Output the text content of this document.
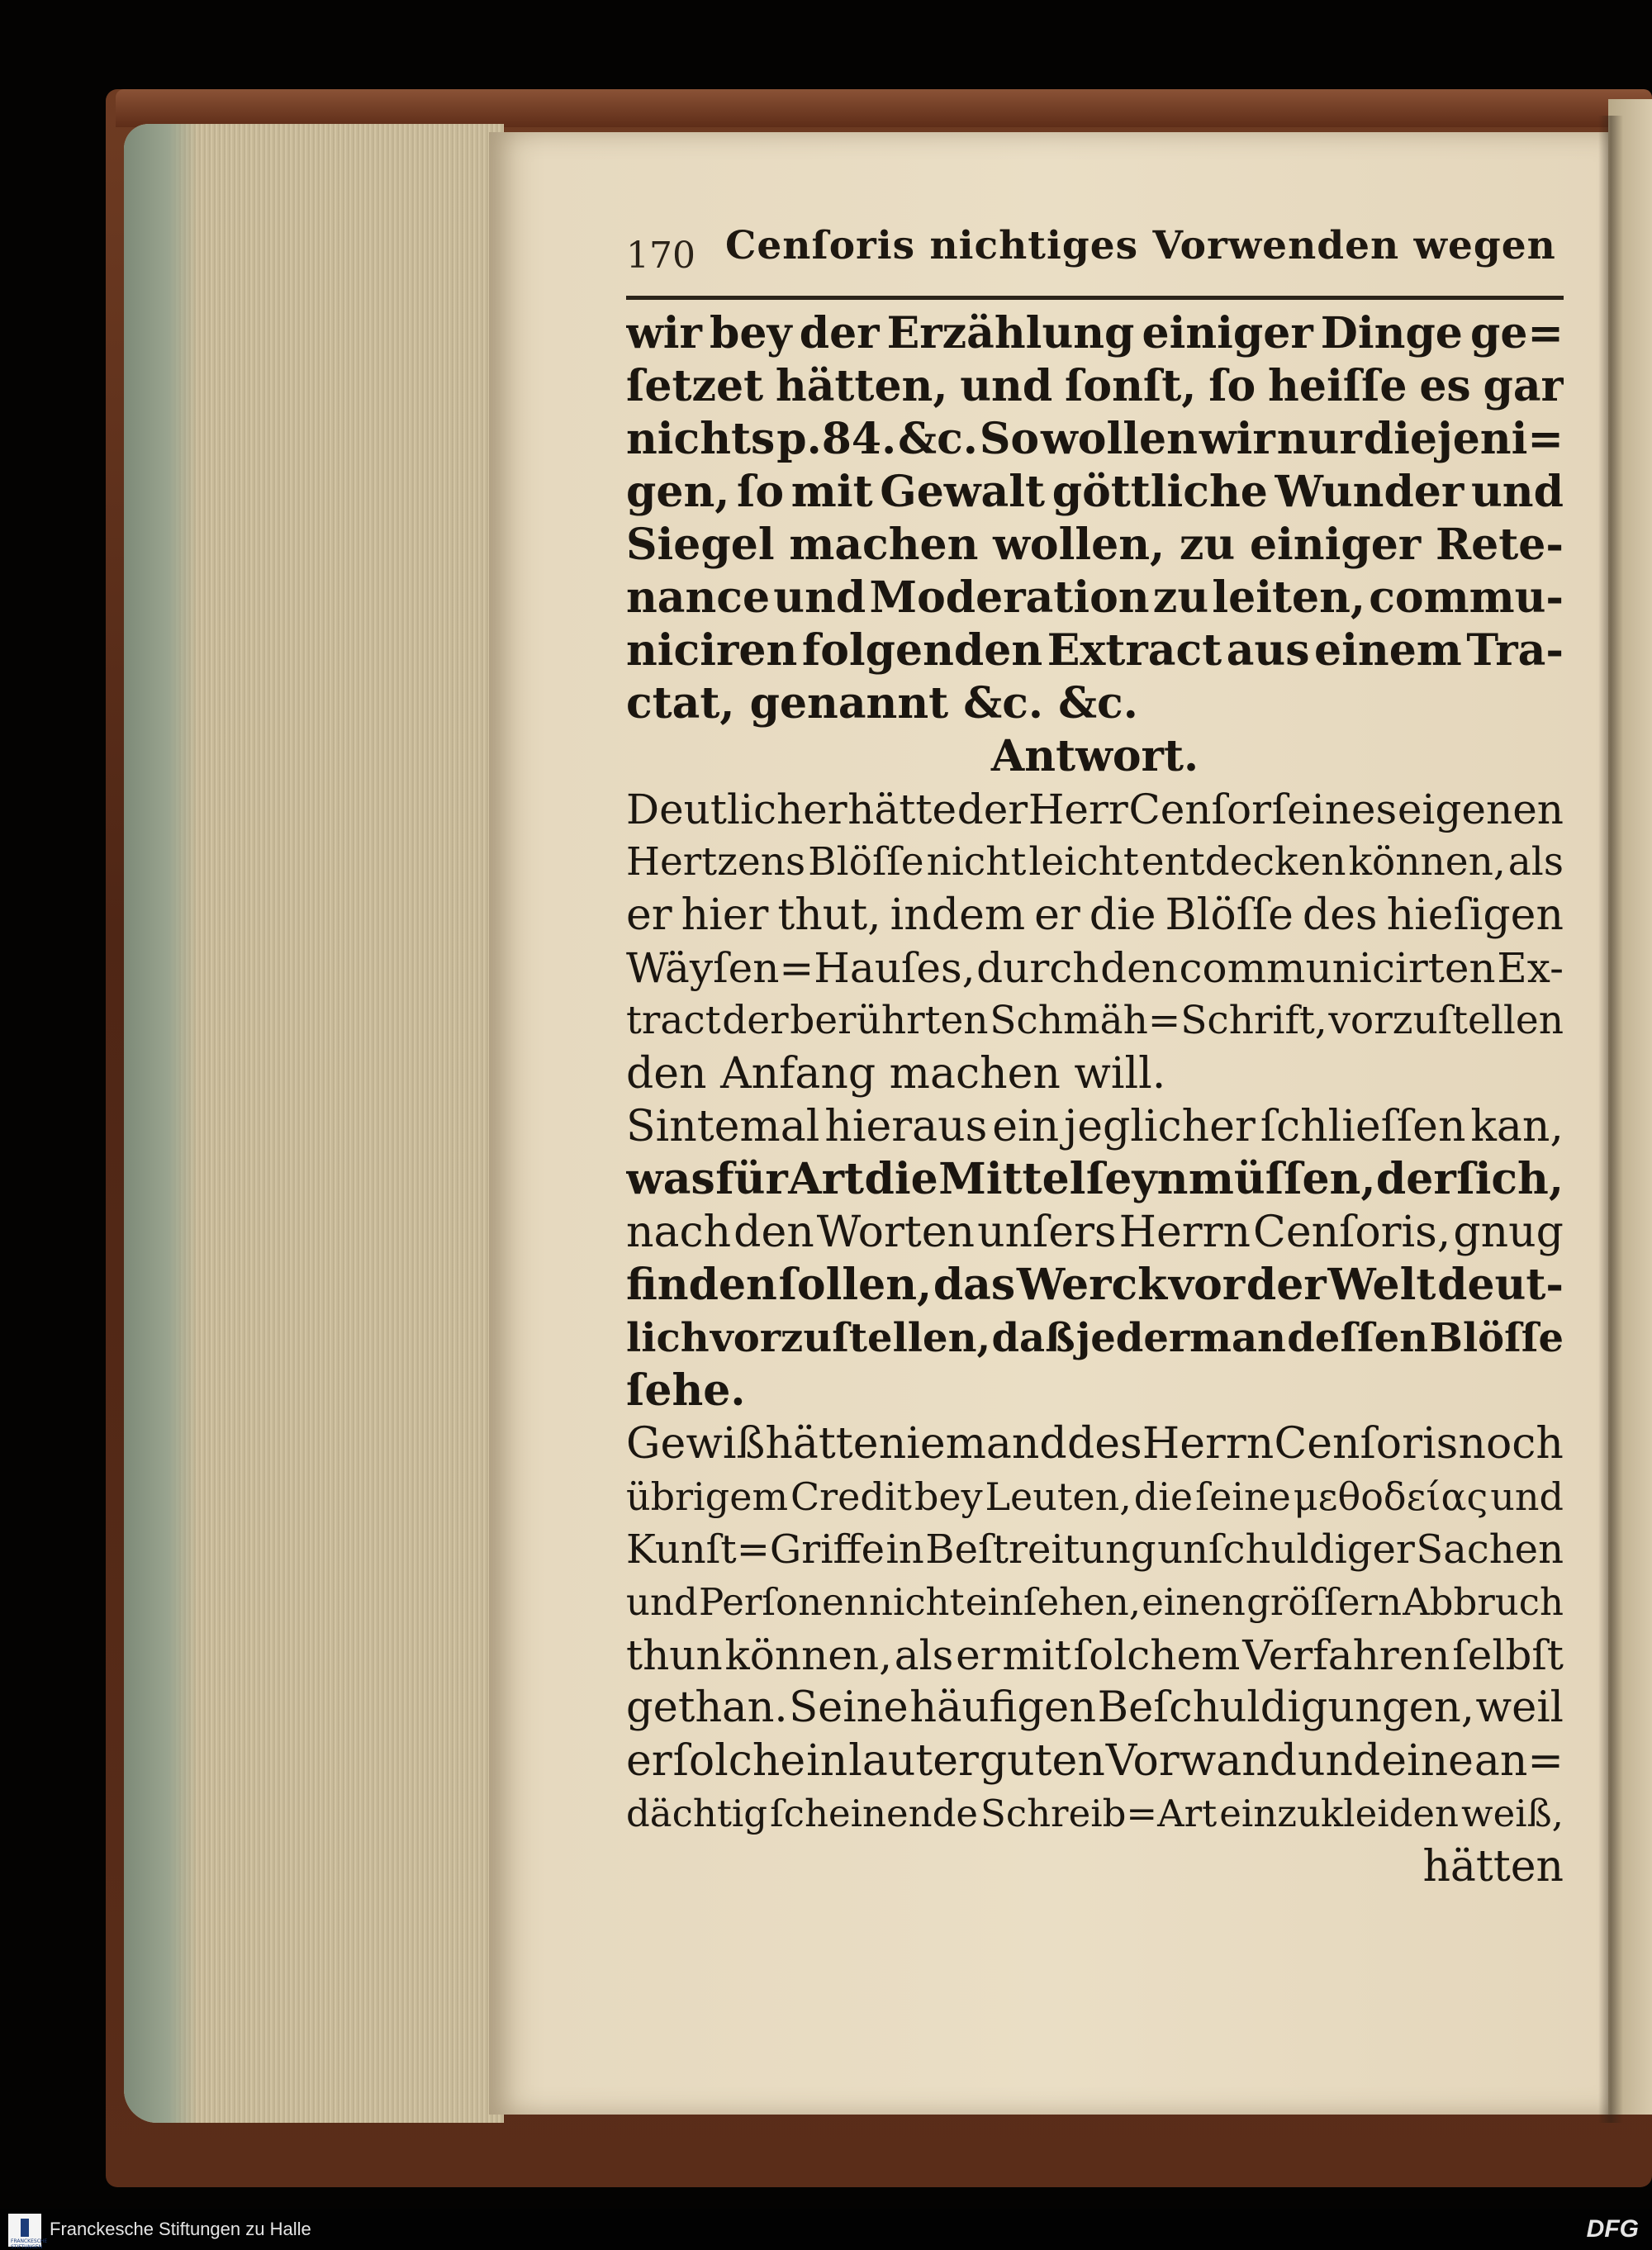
170 Cenſoris nichtiges Vorwenden wegen
wir bey der Erzählung einiger Dinge ge=
ſetzet hätten, und ſonſt, ſo heiſſe es gar
nichts p.84. &c. So wollen wir nur diejeni=
gen, ſo mit Gewalt göttliche Wunder und
Siegel machen wollen, zu einiger Rete-
nance und Moderation zu leiten, commu-
niciren folgenden Extract aus einem Tra-
ctat, genannt &c. &c.
Antwort.
Deutlicher hätte der Herr Cenſor ſeines eigenen
Hertzens Blöſſe nicht leicht entdecken können, als
er hier thut, indem er die Blöſſe des hieſigen
Wäyſen=Hauſes, durch den communicirten Ex-
tract der berührten Schmäh=Schrift, vorzuſtellen
den Anfang machen will.
Sintemal hieraus ein jeglicher ſchlieſſen kan,
was für Art die Mittel ſeyn müſſen, der ſich,
nach den Worten unſers Herrn Cenſoris, gnug
finden ſollen, das Werck vor der Welt deut-
lich vorzuſtellen, daß jederman deſſen Blöſſe
ſehe.
Gewiß hätte niemand des Herrn Cenſoris noch
übrigem Credit bey Leuten, die ſeine μεθοδείας und
Kunſt=Griffe in Beſtreitung unſchuldiger Sachen
und Perſonen nicht einſehen, einen gröſſern Abbruch
thun können, als er mit ſolchem Verfahren ſelbſt
gethan. Seine häufigen Beſchuldigungen, weil
er ſolche in lauter guten Vorwand und eine an=
dächtig ſcheinende Schreib=Art einzukleiden weiß,
hätten
FRANCKESCHE STIFTUNGEN
Franckesche Stiftungen zu Halle	DFG
